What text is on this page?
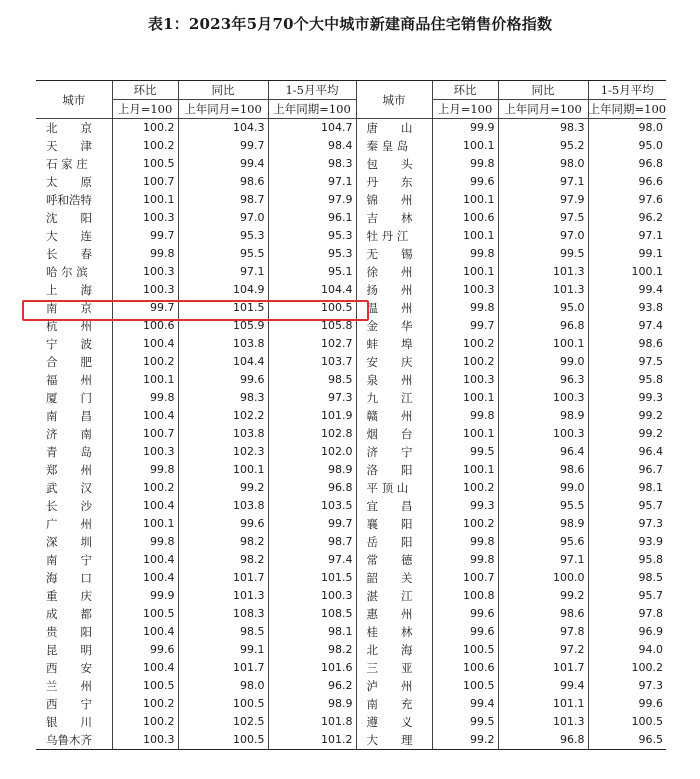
表1：2023年5月70个大中城市新建商品住宅销售价格指数
城市	环比	同比	1-5月平均	城市	环比	同比	1-5月平均
	上月=100	上年同月=100	上年同期=100		上月=100	上年同月=100	上年同期=100
北　　京	100.2	104.3	104.7	唐　　山	99.9	98.3	98.0
天　　津	100.2	99.7	98.4	秦 皇 岛	100.1	95.2	95.0
石 家 庄	100.5	99.4	98.3	包　　头	99.8	98.0	96.8
太　　原	100.7	98.6	97.1	丹　　东	99.6	97.1	96.6
呼和浩特	100.1	98.7	97.9	锦　　州	100.1	97.9	97.6
沈　　阳	100.3	97.0	96.1	吉　　林	100.6	97.5	96.2
大　　连	99.7	95.3	95.3	牡 丹 江	100.1	97.0	97.1
长　　春	99.8	95.5	95.3	无　　锡	99.8	99.5	99.1
哈 尔 滨	100.3	97.1	95.1	徐　　州	100.1	101.3	100.1
上　　海	100.3	104.9	104.4	扬　　州	100.3	101.3	99.4
南　　京	99.7	101.5	100.5	温　　州	99.8	95.0	93.8
杭　　州	100.6	105.9	105.8	金　　华	99.7	96.8	97.4
宁　　波	100.4	103.8	102.7	蚌　　埠	100.2	100.1	98.6
合　　肥	100.2	104.4	103.7	安　　庆	100.2	99.0	97.5
福　　州	100.1	99.6	98.5	泉　　州	100.3	96.3	95.8
厦　　门	99.8	98.3	97.3	九　　江	100.1	100.3	99.3
南　　昌	100.4	102.2	101.9	赣　　州	99.8	98.9	99.2
济　　南	100.7	103.8	102.8	烟　　台	100.1	100.3	99.2
青　　岛	100.3	102.3	102.0	济　　宁	99.5	96.4	96.4
郑　　州	99.8	100.1	98.9	洛　　阳	100.1	98.6	96.7
武　　汉	100.2	99.2	96.8	平 顶 山	100.2	99.0	98.1
长　　沙	100.4	103.8	103.5	宜　　昌	99.3	95.5	95.7
广　　州	100.1	99.6	99.7	襄　　阳	100.2	98.9	97.3
深　　圳	99.8	98.2	98.7	岳　　阳	99.8	95.6	93.9
南　　宁	100.4	98.2	97.4	常　　德	99.8	97.1	95.8
海　　口	100.4	101.7	101.5	韶　　关	100.7	100.0	98.5
重　　庆	99.9	101.3	100.3	湛　　江	100.8	99.2	95.7
成　　都	100.5	108.3	108.5	惠　　州	99.6	98.6	97.8
贵　　阳	100.4	98.5	98.1	桂　　林	99.6	97.8	96.9
昆　　明	99.6	99.1	98.2	北　　海	100.5	97.2	94.0
西　　安	100.4	101.7	101.6	三　　亚	100.6	101.7	100.2
兰　　州	100.5	98.0	96.2	泸　　州	100.5	99.4	97.3
西　　宁	100.2	100.5	98.9	南　　充	99.4	101.1	99.6
银　　川	100.2	102.5	101.8	遵　　义	99.5	101.3	100.5
乌鲁木齐	100.3	100.5	101.2	大　　理	99.2	96.8	96.5
